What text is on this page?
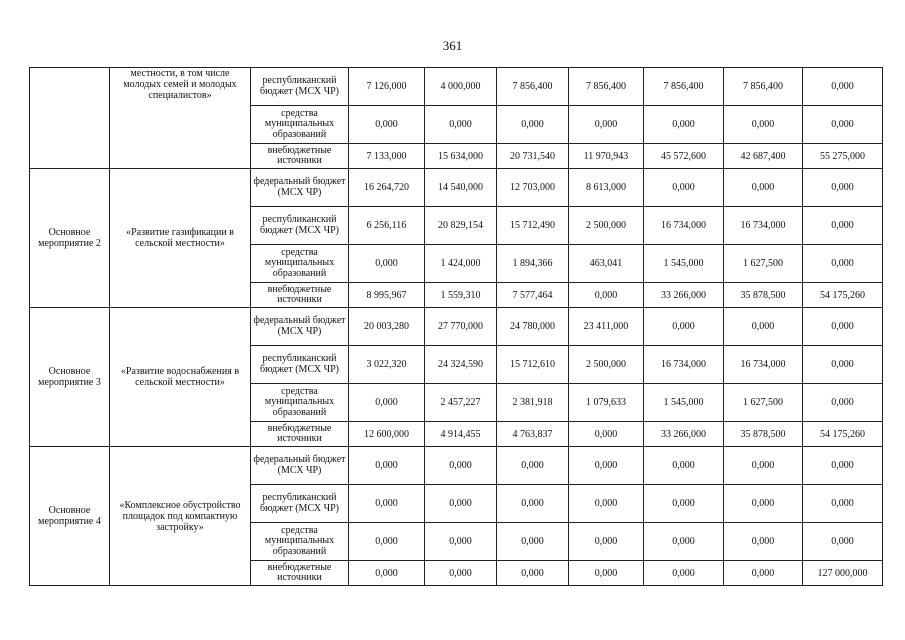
361
	местности, в том числе молодых семей и молодых специалистов»	республиканский бюджет (МСХ ЧР)	7 126,000	4 000,000	7 856,400	7 856,400	7 856,400	7 856,400	0,000
		средства муниципальных образований	0,000	0,000	0,000	0,000	0,000	0,000	0,000
		внебюджетные источники	7 133,000	15 634,000	20 731,540	11 970,943	45 572,600	42 687,400	55 275,000
Основное мероприятие 2	«Развитие газификации в сельской местности»	федеральный бюджет (МСХ ЧР)	16 264,720	14 540,000	12 703,000	8 613,000	0,000	0,000	0,000
		республиканский бюджет (МСХ ЧР)	6 256,116	20 829,154	15 712,490	2 500,000	16 734,000	16 734,000	0,000
		средства муниципальных образований	0,000	1 424,000	1 894,366	463,041	1 545,000	1 627,500	0,000
		внебюджетные источники	8 995,967	1 559,310	7 577,464	0,000	33 266,000	35 878,500	54 175,260
Основное мероприятие 3	«Развитие водоснабжения в сельской местности»	федеральный бюджет (МСХ ЧР)	20 003,280	27 770,000	24 780,000	23 411,000	0,000	0,000	0,000
		республиканский бюджет (МСХ ЧР)	3 022,320	24 324,590	15 712,610	2 500,000	16 734,000	16 734,000	0,000
		средства муниципальных образований	0,000	2 457,227	2 381,918	1 079,633	1 545,000	1 627,500	0,000
		внебюджетные источники	12 600,000	4 914,455	4 763,837	0,000	33 266,000	35 878,500	54 175,260
Основное мероприятие 4	«Комплексное обустройство площадок под компактную застройку»	федеральный бюджет (МСХ ЧР)	0,000	0,000	0,000	0,000	0,000	0,000	0,000
		республиканский бюджет (МСХ ЧР)	0,000	0,000	0,000	0,000	0,000	0,000	0,000
		средства муниципальных образований	0,000	0,000	0,000	0,000	0,000	0,000	0,000
		внебюджетные источники	0,000	0,000	0,000	0,000	0,000	0,000	127 000,000
